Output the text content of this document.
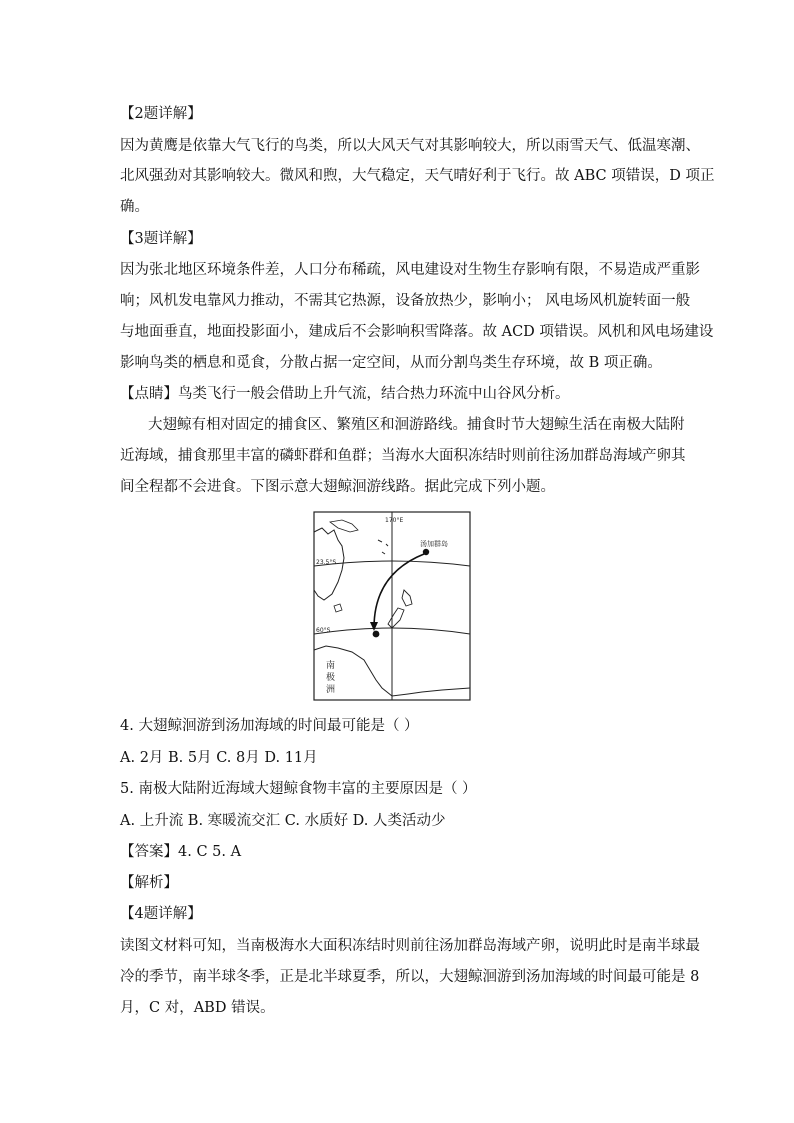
【2题详解】
因为黄鹰是依靠大气飞行的鸟类，所以大风天气对其影响较大，所以雨雪天气、低温寒潮、
北风强劲对其影响较大。微风和煦，大气稳定，天气晴好利于飞行。故 ABC 项错误，D 项正
确。
【3题详解】
因为张北地区环境条件差，人口分布稀疏，风电建设对生物生存影响有限，不易造成严重影
响；风机发电靠风力推动，不需其它热源，设备放热少，影响小； 风电场风机旋转面一般
与地面垂直，地面投影面小，建成后不会影响积雪降落。故 ACD 项错误。风机和风电场建设
影响鸟类的栖息和觅食，分散占据一定空间，从而分割鸟类生存环境，故 B 项正确。
【点睛】鸟类飞行一般会借助上升气流，结合热力环流中山谷风分析。
大翅鲸有相对固定的捕食区、繁殖区和洄游路线。捕食时节大翅鲸生活在南极大陆附
近海域，捕食那里丰富的磷虾群和鱼群；当海水大面积冻结时则前往汤加群岛海域产卵其
间全程都不会进食。下图示意大翅鲸洄游线路。据此完成下列小题。
170°E
23.5°S
60°S
汤加群岛
南
极
洲
4. 大翅鲸洄游到汤加海域的时间最可能是（ ）
A. 2月 B. 5月 C. 8月 D. 11月
5. 南极大陆附近海域大翅鲸食物丰富的主要原因是（ ）
A. 上升流 B. 寒暖流交汇 C. 水质好 D. 人类活动少
【答案】4. C 5. A
【解析】
【4题详解】
读图文材料可知，当南极海水大面积冻结时则前往汤加群岛海域产卵，说明此时是南半球最
冷的季节，南半球冬季，正是北半球夏季，所以，大翅鲸洄游到汤加海域的时间最可能是 8
月，C 对，ABD 错误。
